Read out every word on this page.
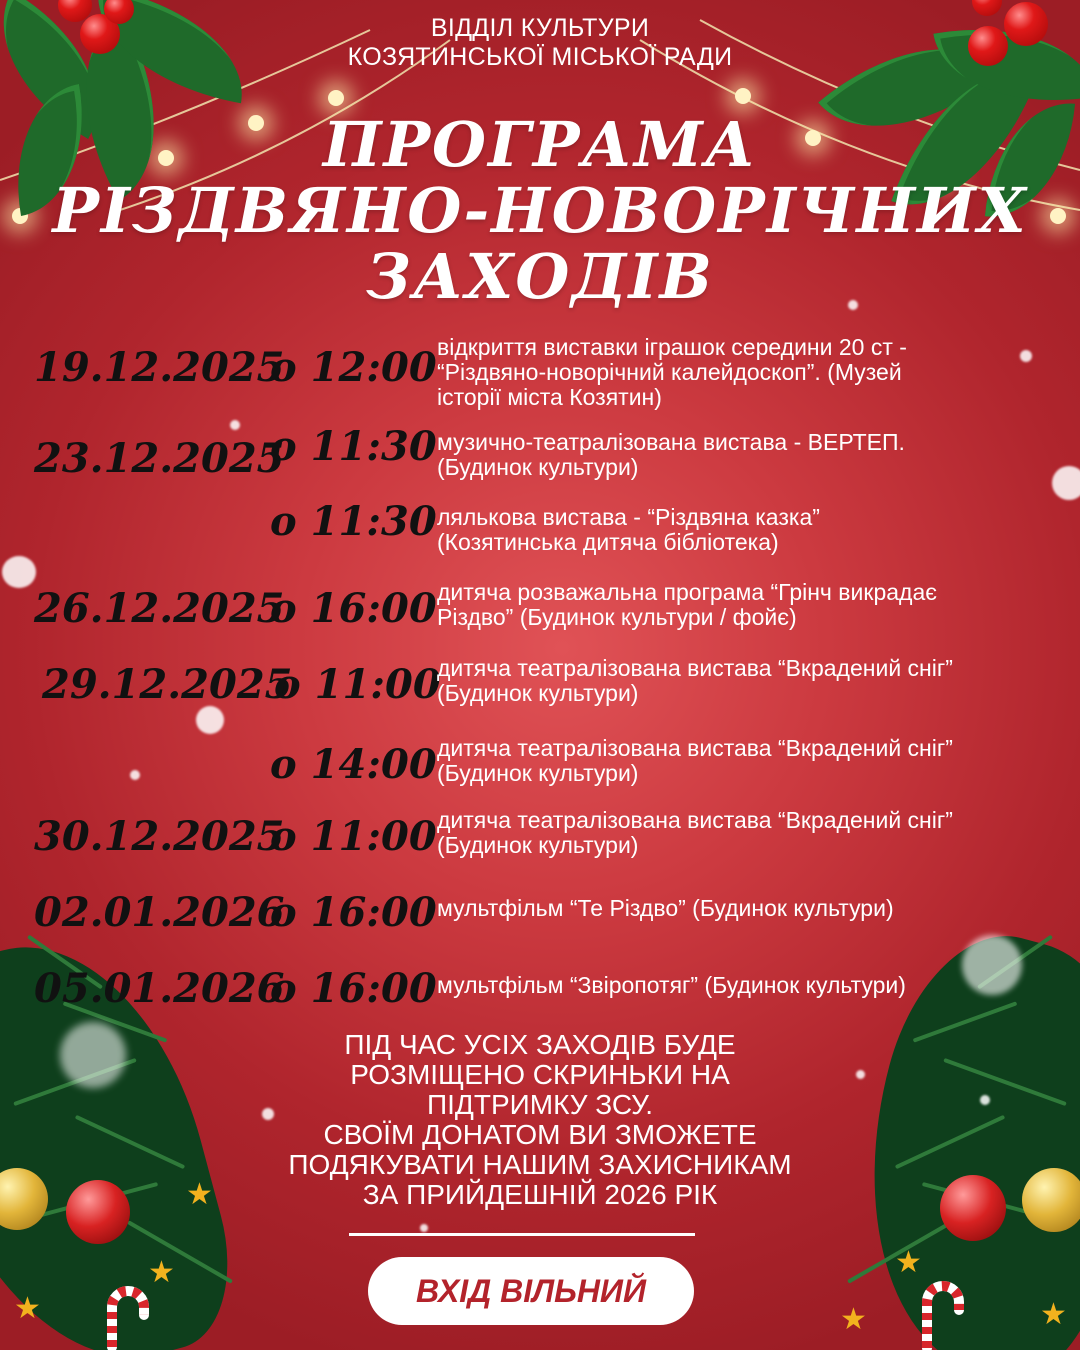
★
★
★
★
★	★
ВІДДІЛ КУЛЬТУРИ
КОЗЯТИНСЬКОЇ МІСЬКОЇ РАДИ
ПРОГРАМА
РІЗДВЯНО-НОВОРІЧНИХ
ЗАХОДІВ
19.12.2025
о 12:00 відкриття виставки іграшок середини 20 ст -
“Різдвяно-новорічний калейдоскоп”. (Музей
історії міста Козятин)
23.12.2025
о 11:30 музично-театралізована вистава - ВЕРТЕП.
(Будинок культури)
о 11:30 лялькова вистава - “Різдвяна казка”
(Козятинська дитяча бібліотека)
26.12.2025
о 16:00 дитяча розважальна програма “Грінч викрадає
Різдво” (Будинок культури / фойє)
29.12.2025
о 11:00
дитяча театралізована вистава “Вкрадений сніг”
(Будинок культури)
о 14:00 дитяча театралізована вистава “Вкрадений сніг”
(Будинок культури)
30.12.2025
о 11:00 дитяча театралізована вистава “Вкрадений сніг”
(Будинок культури)
02.01.2026
о 16:00 мультфільм “Те Різдво” (Будинок культури)
05.01.2026
о 16:00 мультфільм “Звіропотяг” (Будинок культури)
ПІД ЧАС УСІХ ЗАХОДІВ БУДЕ
РОЗМІЩЕНО СКРИНЬКИ НА
ПІДТРИМКУ ЗСУ.
СВОЇМ ДОНАТОМ ВИ ЗМОЖЕТЕ
ПОДЯКУВАТИ НАШИМ ЗАХИСНИКАМ
ЗА ПРИЙДЕШНІЙ 2026 РІК
ВХІД ВІЛЬНИЙ
